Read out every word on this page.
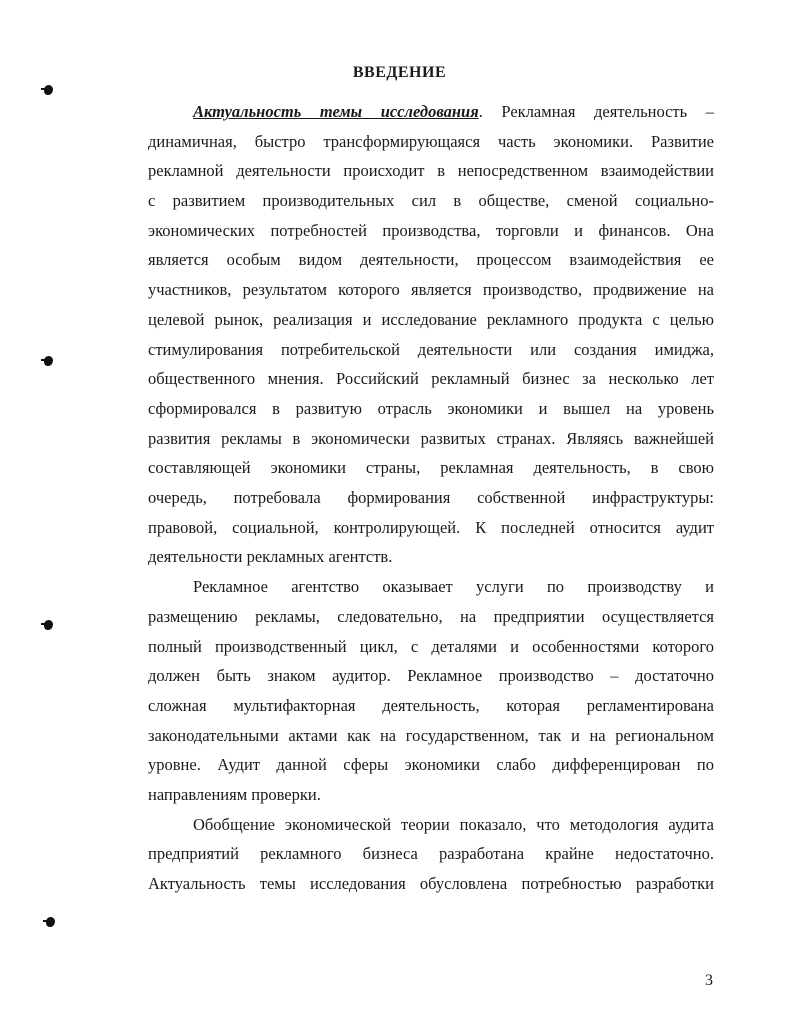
ВВЕДЕНИЕ
Актуальность темы исследования. Рекламная деятельность –
динамичная, быстро трансформирующаяся часть экономики. Развитие
рекламной деятельности происходит в непосредственном взаимодействии
с развитием производительных сил в обществе, сменой социально-
экономических потребностей производства, торговли и финансов. Она
является особым видом деятельности, процессом взаимодействия ее
участников, результатом которого является производство, продвижение на
целевой рынок, реализация и исследование рекламного продукта с целью
стимулирования потребительской деятельности или создания имиджа,
общественного мнения. Российский рекламный бизнес за несколько лет
сформировался в развитую отрасль экономики и вышел на уровень
развития рекламы в экономически развитых странах. Являясь важнейшей
составляющей экономики страны, рекламная деятельность, в свою
очередь, потребовала формирования собственной инфраструктуры:
правовой, социальной, контролирующей. К последней относится аудит
деятельности рекламных агентств.
Рекламное агентство оказывает услуги по производству и
размещению рекламы, следовательно, на предприятии осуществляется
полный производственный цикл, с деталями и особенностями которого
должен быть знаком аудитор. Рекламное производство – достаточно
сложная мультифакторная деятельность, которая регламентирована
законодательными актами как на государственном, так и на региональном
уровне. Аудит данной сферы экономики слабо дифференцирован по
направлениям проверки.
Обобщение экономической теории показало, что методология аудита
предприятий рекламного бизнеса разработана крайне недостаточно.
Актуальность темы исследования обусловлена потребностью разработки
3
